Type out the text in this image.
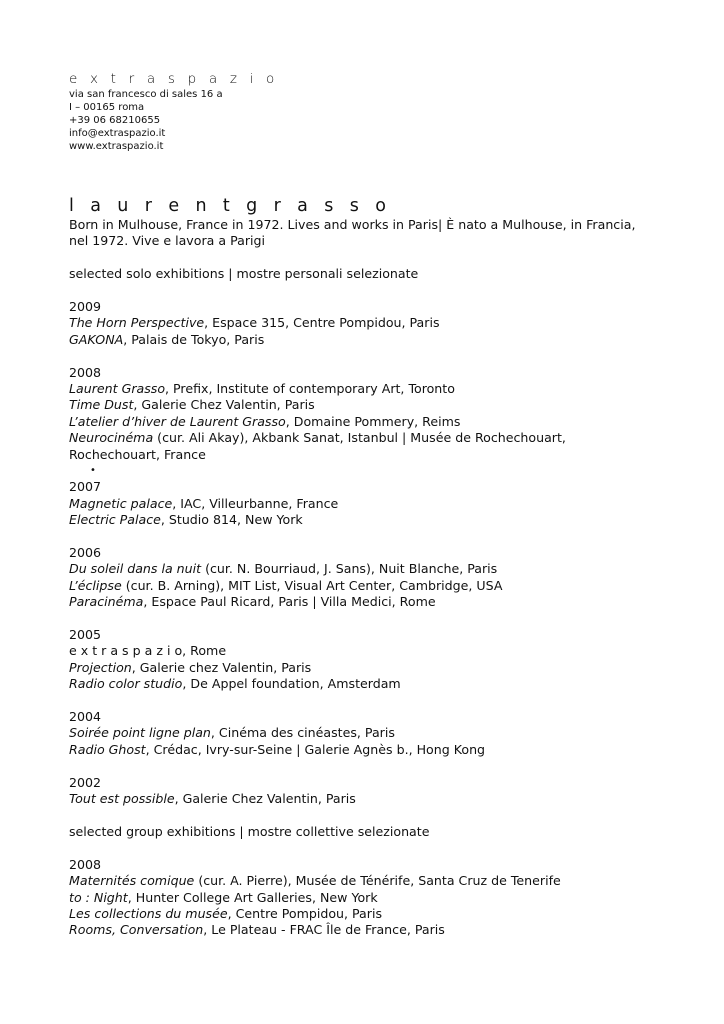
e x t r a s p a z i o
via san francesco di sales 16 a
I – 00165 roma
+39 06 68210655
info@extraspazio.it
www.extraspazio.it
l a u r e n t g r a s s o
Born in Mulhouse, France in 1972. Lives and works in Paris| È nato a Mulhouse, in Francia,
nel 1972. Vive e lavora a Parigi
selected solo exhibitions | mostre personali selezionate
2009
The Horn Perspective, Espace 315, Centre Pompidou, Paris
GAKONA, Palais de Tokyo, Paris
2008
Laurent Grasso, Prefix, Institute of contemporary Art, Toronto
Time Dust, Galerie Chez Valentin, Paris
L’atelier d’hiver de Laurent Grasso, Domaine Pommery, Reims
Neurocinéma (cur. Ali Akay), Akbank Sanat, Istanbul | Musée de Rochechouart,
Rochechouart, France
•
2007
Magnetic palace, IAC, Villeurbanne, France
Electric Palace, Studio 814, New York
2006
Du soleil dans la nuit (cur. N. Bourriaud, J. Sans), Nuit Blanche, Paris
L’éclipse (cur. B. Arning), MIT List, Visual Art Center, Cambridge, USA
Paracinéma, Espace Paul Ricard, Paris | Villa Medici, Rome
2005
e x t r a s p a z i o, Rome
Projection, Galerie chez Valentin, Paris
Radio color studio, De Appel foundation, Amsterdam
2004
Soirée point ligne plan, Cinéma des cinéastes, Paris
Radio Ghost, Crédac, Ivry-sur-Seine | Galerie Agnès b., Hong Kong
2002
Tout est possible, Galerie Chez Valentin, Paris
selected group exhibitions | mostre collettive selezionate
2008
Maternités comique (cur. A. Pierre), Musée de Ténérife, Santa Cruz de Tenerife
to : Night, Hunter College Art Galleries, New York
Les collections du musée, Centre Pompidou, Paris
Rooms, Conversation, Le Plateau - FRAC Île de France, Paris
